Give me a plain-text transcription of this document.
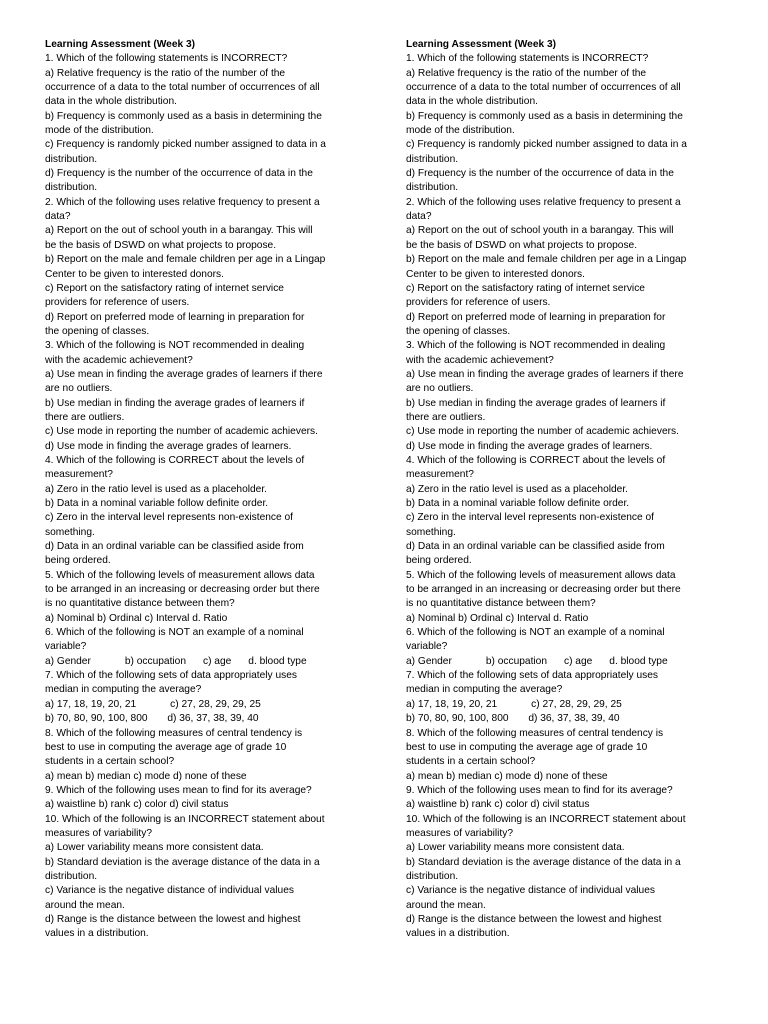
Learning Assessment (Week 3)
1. Which of the following statements is INCORRECT?
a) Relative frequency is the ratio of the number of the
occurrence of a data to the total number of occurrences of all
data in the whole distribution.
b) Frequency is commonly used as a basis in determining the
mode of the distribution.
c) Frequency is randomly picked number assigned to data in a
distribution.
d) Frequency is the number of the occurrence of data in the
distribution.
2. Which of the following uses relative frequency to present a
data?
a) Report on the out of school youth in a barangay. This will
be the basis of DSWD on what projects to propose.
b) Report on the male and female children per age in a Lingap
Center to be given to interested donors.
c) Report on the satisfactory rating of internet service
providers for reference of users.
d) Report on preferred mode of learning in preparation for
the opening of classes.
3. Which of the following is NOT recommended in dealing
with the academic achievement?
a) Use mean in finding the average grades of learners if there
are no outliers.
b) Use median in finding the average grades of learners if
there are outliers.
c) Use mode in reporting the number of academic achievers.
d) Use mode in finding the average grades of learners.
4. Which of the following is CORRECT about the levels of
measurement?
a) Zero in the ratio level is used as a placeholder.
b) Data in a nominal variable follow definite order.
c) Zero in the interval level represents non-existence of
something.
d) Data in an ordinal variable can be classified aside from
being ordered.
5. Which of the following levels of measurement allows data
to be arranged in an increasing or decreasing order but there
is no quantitative distance between them?
a) Nominal b) Ordinal c) Interval d. Ratio
6. Which of the following is NOT an example of a nominal
variable?
a) Gender            b) occupation      c) age      d. blood type
7. Which of the following sets of data appropriately uses
median in computing the average?
a) 17, 18, 19, 20, 21            c) 27, 28, 29, 29, 25
b) 70, 80, 90, 100, 800       d) 36, 37, 38, 39, 40
8. Which of the following measures of central tendency is
best to use in computing the average age of grade 10
students in a certain school?
a) mean b) median c) mode d) none of these
9. Which of the following uses mean to find for its average?
a) waistline b) rank c) color d) civil status
10. Which of the following is an INCORRECT statement about
measures of variability?
a) Lower variability means more consistent data.
b) Standard deviation is the average distance of the data in a
distribution.
c) Variance is the negative distance of individual values
around the mean.
d) Range is the distance between the lowest and highest
values in a distribution.
Learning Assessment (Week 3)
1. Which of the following statements is INCORRECT?
a) Relative frequency is the ratio of the number of the
occurrence of a data to the total number of occurrences of all
data in the whole distribution.
b) Frequency is commonly used as a basis in determining the
mode of the distribution.
c) Frequency is randomly picked number assigned to data in a
distribution.
d) Frequency is the number of the occurrence of data in the
distribution.
2. Which of the following uses relative frequency to present a
data?
a) Report on the out of school youth in a barangay. This will
be the basis of DSWD on what projects to propose.
b) Report on the male and female children per age in a Lingap
Center to be given to interested donors.
c) Report on the satisfactory rating of internet service
providers for reference of users.
d) Report on preferred mode of learning in preparation for
the opening of classes.
3. Which of the following is NOT recommended in dealing
with the academic achievement?
a) Use mean in finding the average grades of learners if there
are no outliers.
b) Use median in finding the average grades of learners if
there are outliers.
c) Use mode in reporting the number of academic achievers.
d) Use mode in finding the average grades of learners.
4. Which of the following is CORRECT about the levels of
measurement?
a) Zero in the ratio level is used as a placeholder.
b) Data in a nominal variable follow definite order.
c) Zero in the interval level represents non-existence of
something.
d) Data in an ordinal variable can be classified aside from
being ordered.
5. Which of the following levels of measurement allows data
to be arranged in an increasing or decreasing order but there
is no quantitative distance between them?
a) Nominal b) Ordinal c) Interval d. Ratio
6. Which of the following is NOT an example of a nominal
variable?
a) Gender            b) occupation      c) age      d. blood type
7. Which of the following sets of data appropriately uses
median in computing the average?
a) 17, 18, 19, 20, 21            c) 27, 28, 29, 29, 25
b) 70, 80, 90, 100, 800       d) 36, 37, 38, 39, 40
8. Which of the following measures of central tendency is
best to use in computing the average age of grade 10
students in a certain school?
a) mean b) median c) mode d) none of these
9. Which of the following uses mean to find for its average?
a) waistline b) rank c) color d) civil status
10. Which of the following is an INCORRECT statement about
measures of variability?
a) Lower variability means more consistent data.
b) Standard deviation is the average distance of the data in a
distribution.
c) Variance is the negative distance of individual values
around the mean.
d) Range is the distance between the lowest and highest
values in a distribution.
